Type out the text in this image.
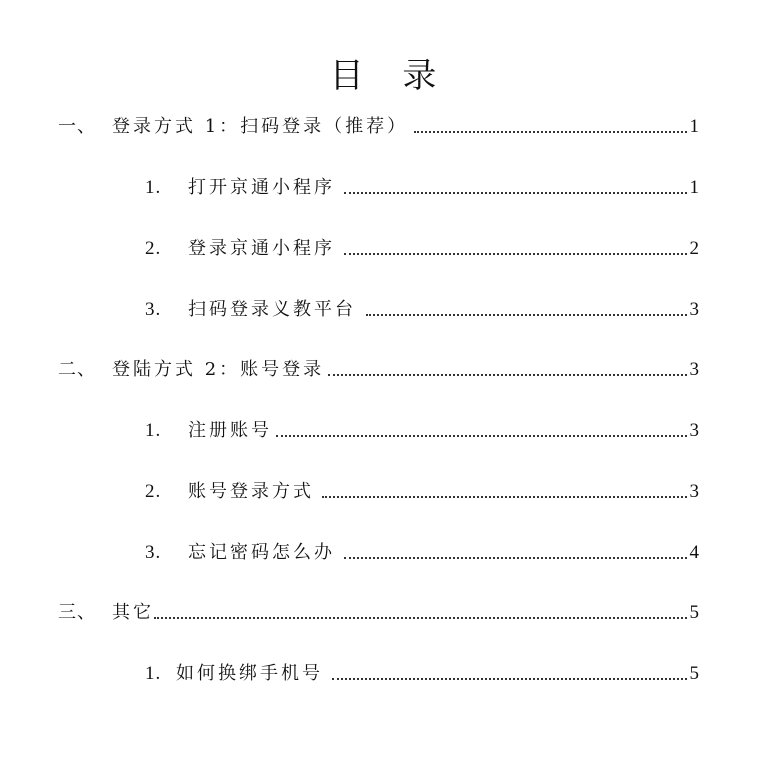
目 录
一、 登录方式 1：扫码登录（推荐）	1
1. 打开京通小程序	1
2. 登录京通小程序	2
3. 扫码登录义教平台	3
二、 登陆方式 2：账号登录	3
1. 注册账号	3
2. 账号登录方式	3
3. 忘记密码怎么办	4
三、 其它	5
1. 如何换绑手机号	5
